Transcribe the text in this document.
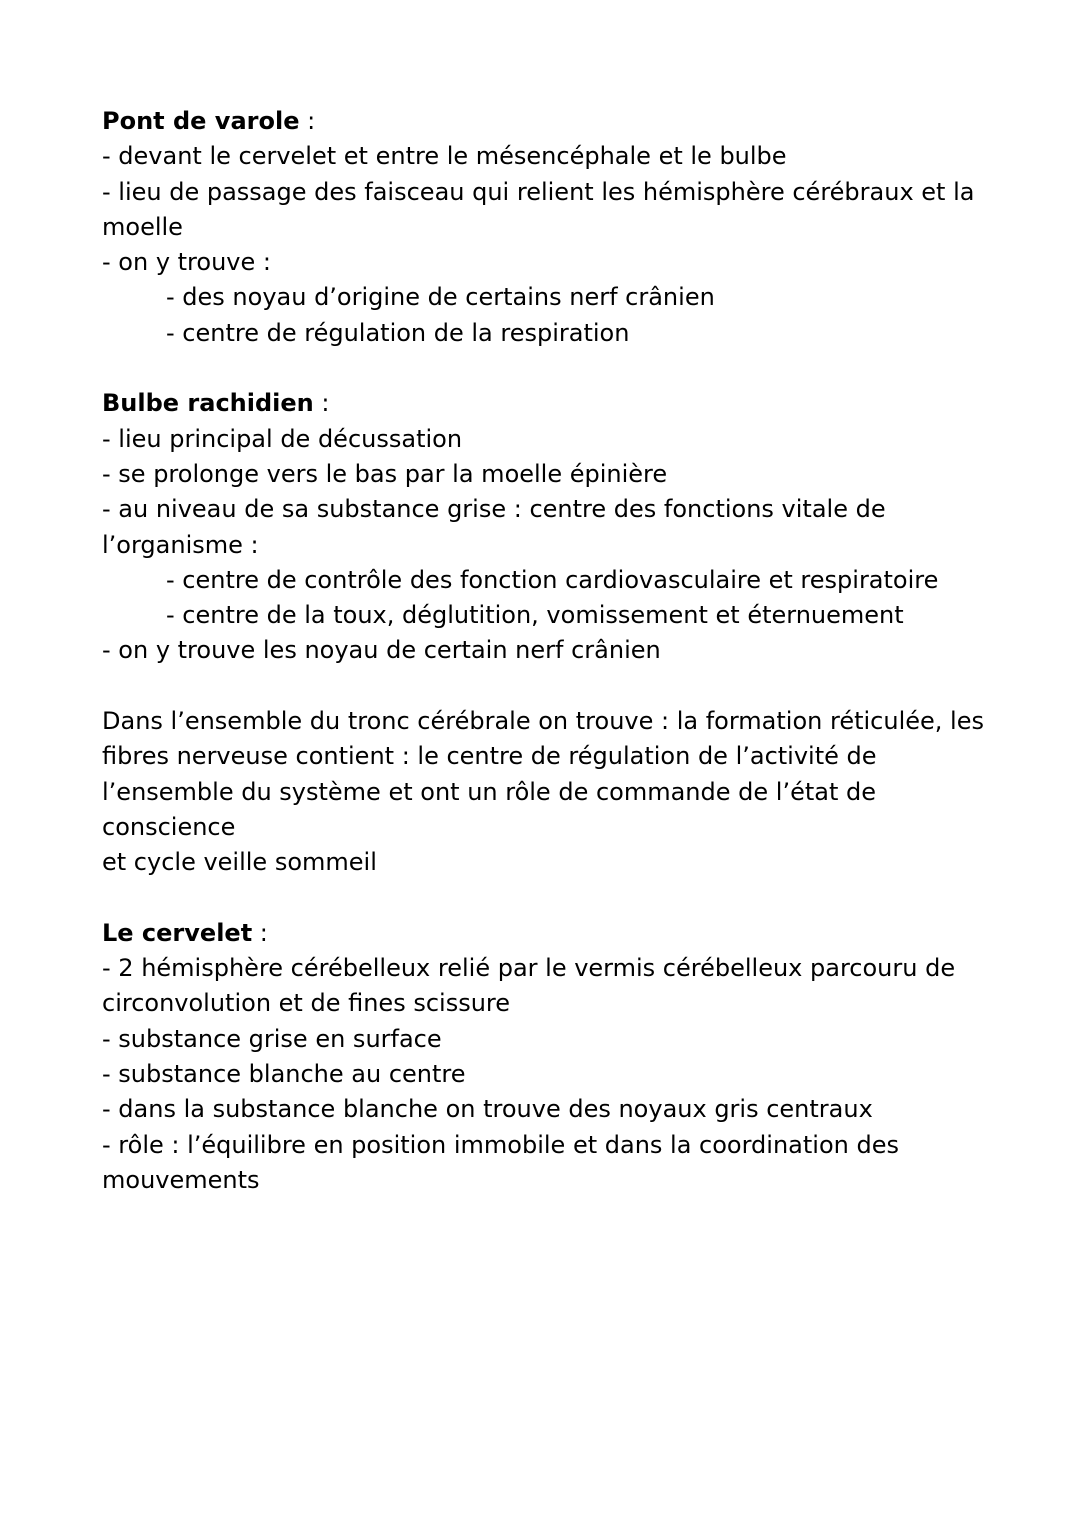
Pont de varole :

- devant le cervelet et entre le mésencéphale et le bulbe

- lieu de passage des faisceau qui relient les hémisphère cérébraux et la

moelle

- on y trouve :

- des noyau d’origine de certains nerf crânien

- centre de régulation de la respiration

Bulbe rachidien :

- lieu principal de décussation

- se prolonge vers le bas par la moelle épinière

- au niveau de sa substance grise : centre des fonctions vitale de

l’organisme :

- centre de contrôle des fonction cardiovasculaire et respiratoire

- centre de la toux, déglutition, vomissement et éternuement

- on y trouve les noyau de certain nerf crânien

Dans l’ensemble du tronc cérébrale on trouve : la formation réticulée, les

fibres nerveuse contient : le centre de régulation de l’activité de

l’ensemble du système et ont un rôle de commande de l’état de conscience

et cycle veille sommeil

Le cervelet :

- 2 hémisphère cérébelleux relié par le vermis cérébelleux parcouru de

circonvolution et de fines scissure

- substance grise en surface

- substance blanche au centre

- dans la substance blanche on trouve des noyaux gris centraux

- rôle : l’équilibre en position immobile et dans la coordination des

mouvements
